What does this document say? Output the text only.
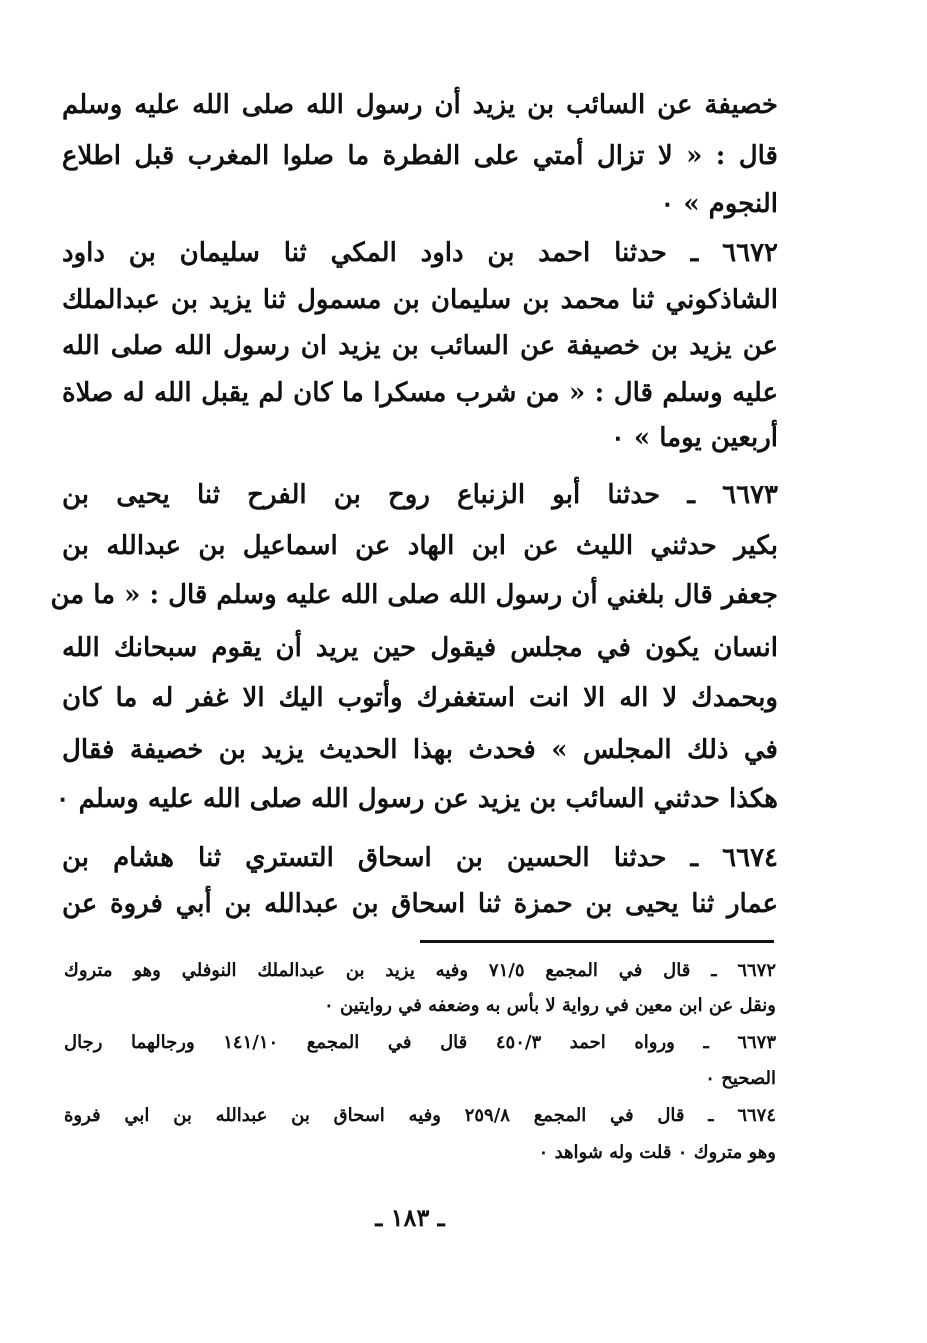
خصيفة عن السائب بن يزيد أن رسول الله صلى الله عليه وسلم
قال : « لا تزال أمتي على الفطرة ما صلوا المغرب قبل اطلاع
النجوم » ٠
٦٦٧٢ ـ حدثنا احمد بن داود المكي ثنا سليمان بن داود
الشاذكوني ثنا محمد بن سليمان بن مسمول ثنا يزيد بن عبدالملك
عن يزيد بن خصيفة عن السائب بن يزيد ان رسول الله صلى الله
عليه وسلم قال : « من شرب مسكرا ما كان لم يقبل الله له صلاة
أربعين يوما » ٠
٦٦٧٣ ـ حدثنا أبو الزنباع روح بن الفرح ثنا يحيى بن
بكير حدثني الليث عن ابن الهاد عن اسماعيل بن عبدالله بن
جعفر قال بلغني أن رسول الله صلى الله عليه وسلم قال : « ما من
انسان يكون في مجلس فيقول حين يريد أن يقوم سبحانك الله
وبحمدك لا اله الا انت استغفرك وأتوب اليك الا غفر له ما كان
في ذلك المجلس » فحدث بهذا الحديث يزيد بن خصيفة فقال
هكذا حدثني السائب بن يزيد عن رسول الله صلى الله عليه وسلم ٠
٦٦٧٤ ـ حدثنا الحسين بن اسحاق التستري ثنا هشام بن
عمار ثنا يحيى بن حمزة ثنا اسحاق بن عبدالله بن أبي فروة عن
٦٦٧٢ ـ قال في المجمع ٧١/٥ وفيه يزيد بن عبدالملك النوفلي وهو متروك
ونقل عن ابن معين في رواية لا بأس به وضعفه في روايتين ٠
٦٦٧٣ ـ ورواه احمد ٤٥٠/٣ قال في المجمع ١٤١/١٠ ورجالهما رجال
الصحيح ٠
٦٦٧٤ ـ قال في المجمع ٢٥٩/٨ وفيه اسحاق بن عبدالله بن ابي فروة
وهو متروك ٠ قلت وله شواهد ٠
ـ ١٨٣ ـ
